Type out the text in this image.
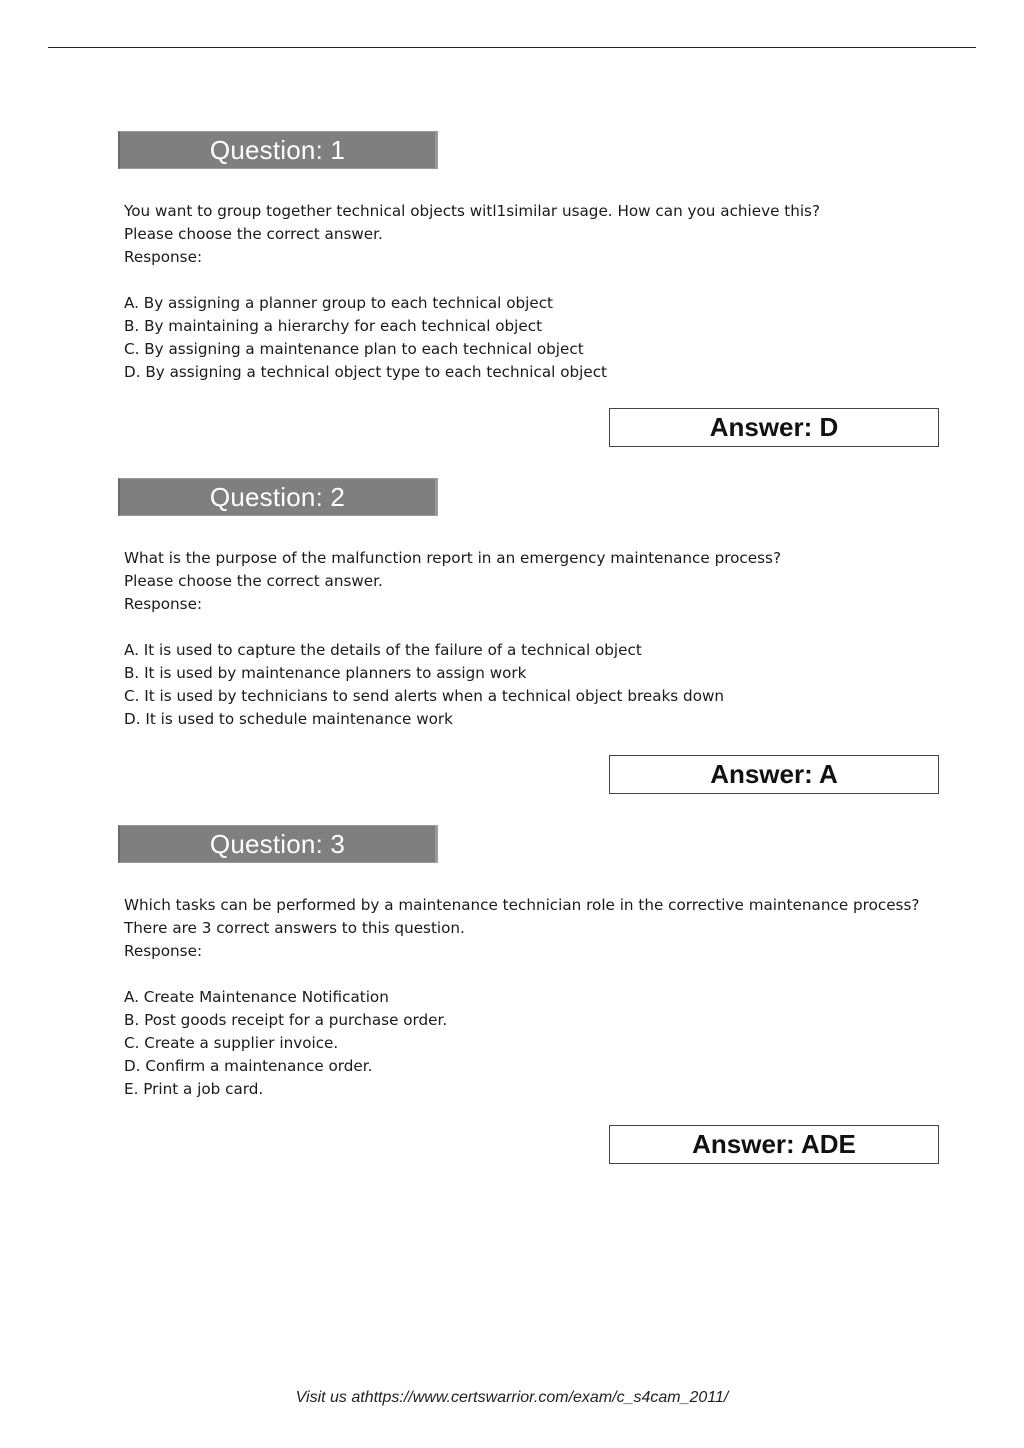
Question: 1
You want to group together technical objects witl1similar usage. How can you achieve this?
Please choose the correct answer.
Response:
A. By assigning a planner group to each technical object
B. By maintaining a hierarchy for each technical object
C. By assigning a maintenance plan to each technical object
D. By assigning a technical object type to each technical object
Answer: D
Question: 2
What is the purpose of the malfunction report in an emergency maintenance process?
Please choose the correct answer.
Response:
A. It is used to capture the details of the failure of a technical object
B. It is used by maintenance planners to assign work
C. It is used by technicians to send alerts when a technical object breaks down
D. It is used to schedule maintenance work
Answer: A
Question: 3
Which tasks can be performed by a maintenance technician role in the corrective maintenance process?
There are 3 correct answers to this question.
Response:
A. Create Maintenance Notification
B. Post goods receipt for a purchase order.
C. Create a supplier invoice.
D. Confirm a maintenance order.
E. Print a job card.
Answer: ADE
Visit us athttps://www.certswarrior.com/exam/c_s4cam_2011/
